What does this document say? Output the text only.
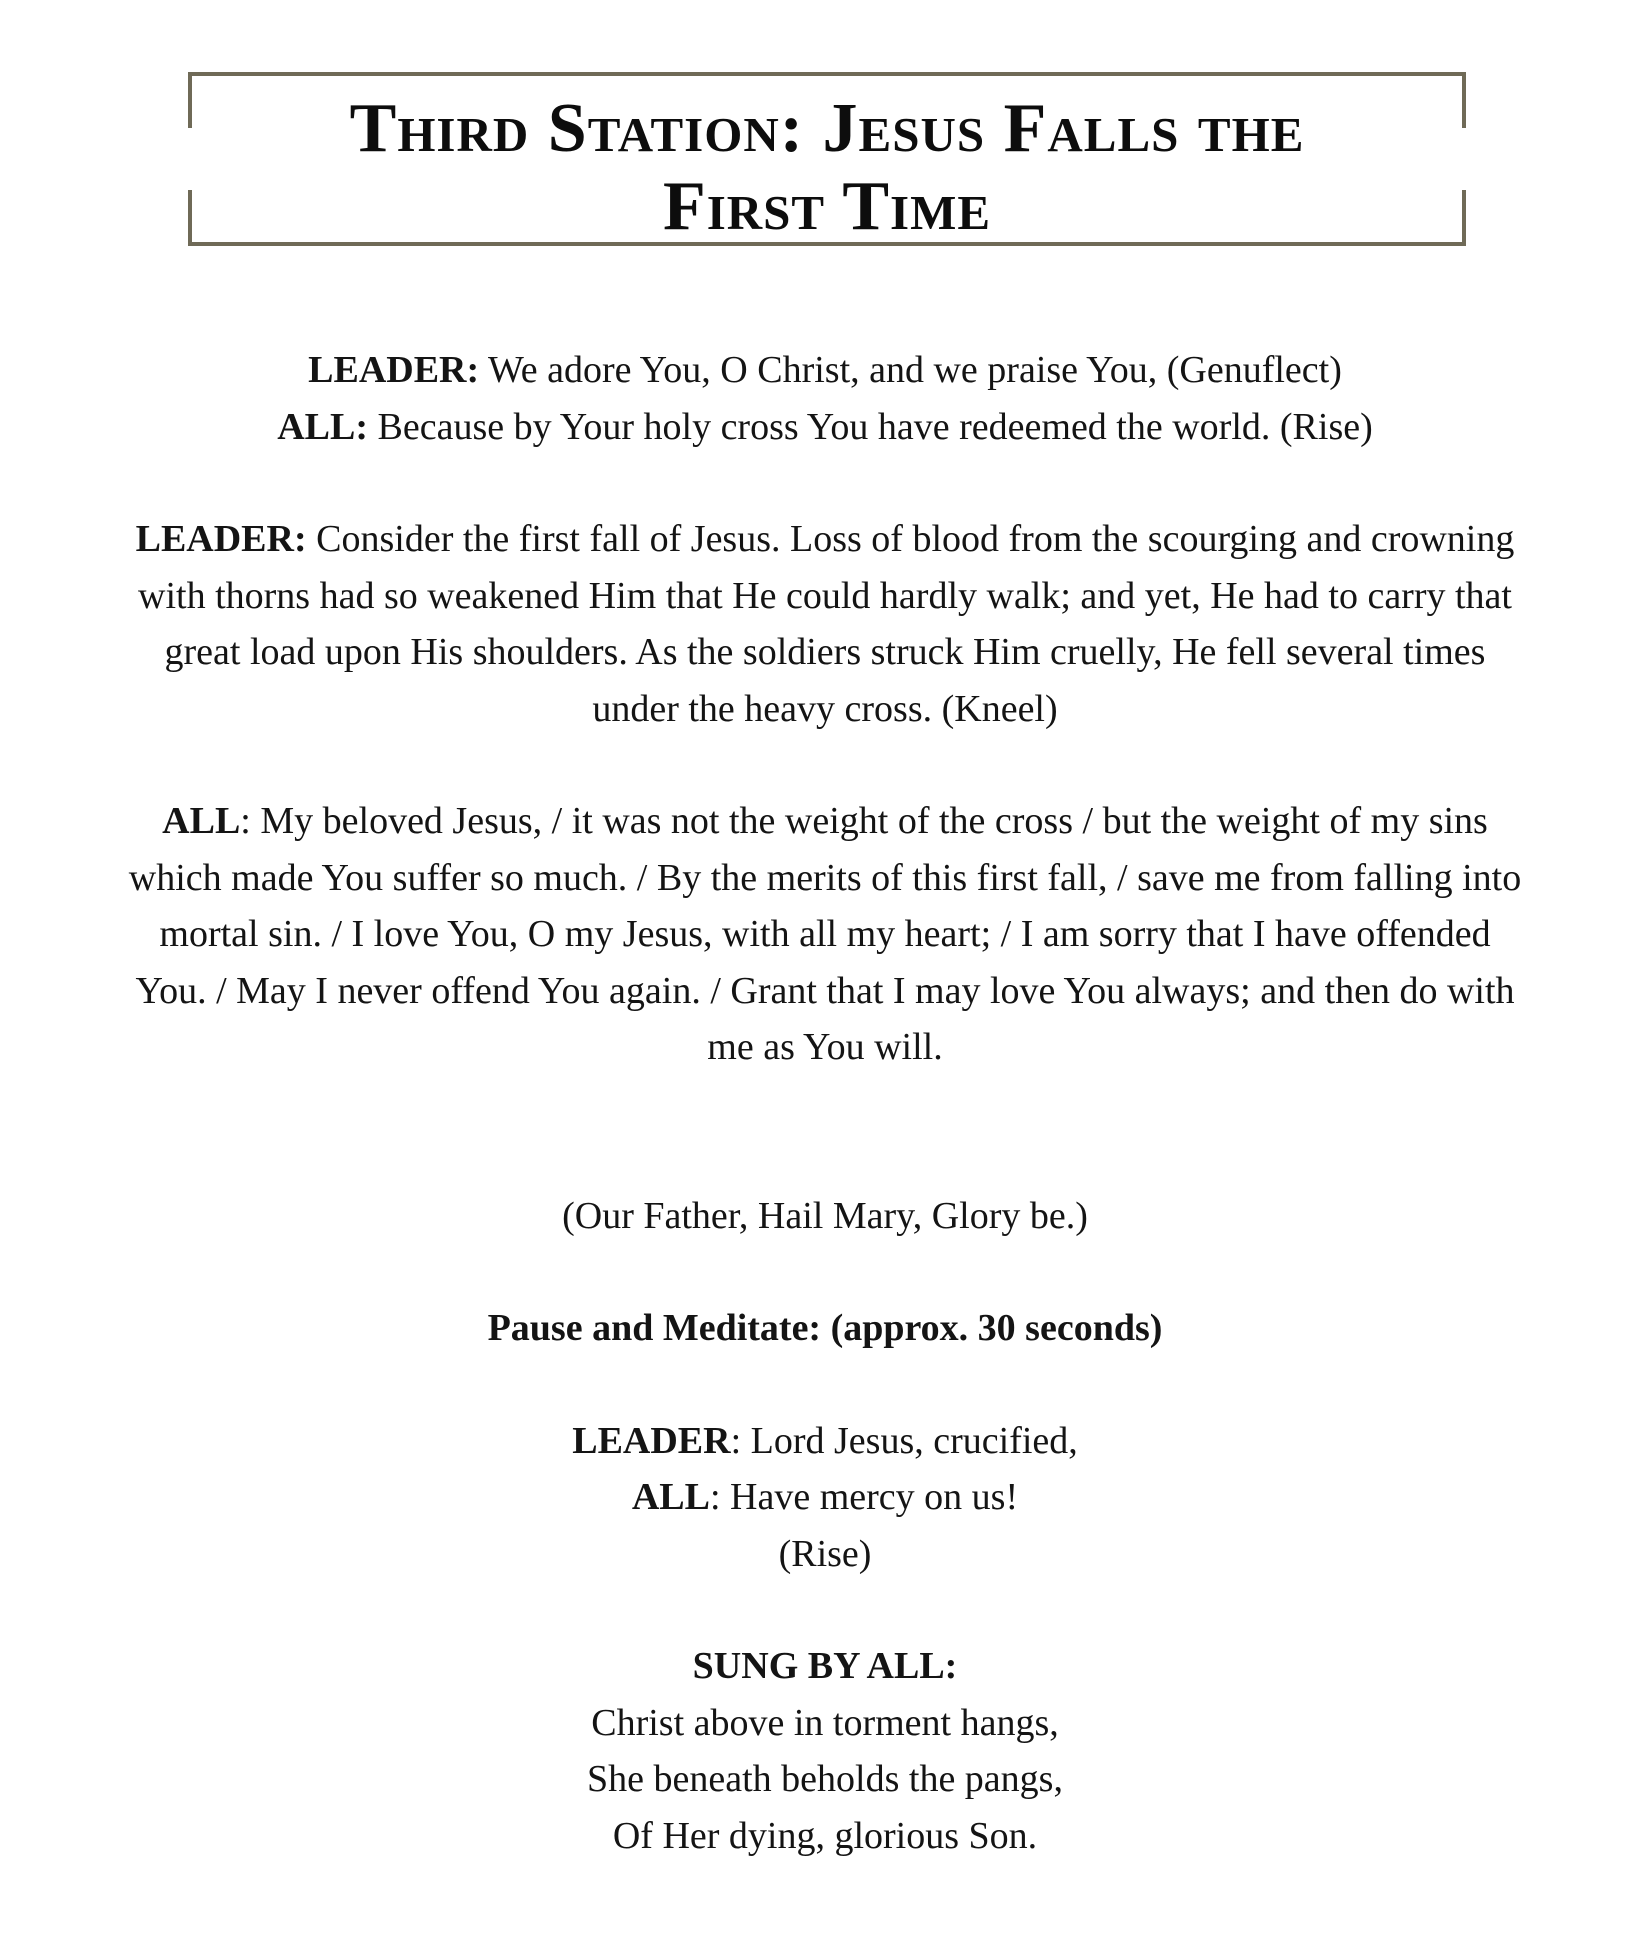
Third Station: Jesus Falls the
First Time

LEADER: We adore You, O Christ, and we praise You, (Genuflect)

ALL: Because by Your holy cross You have redeemed the world. (Rise)

LEADER: Consider the first fall of Jesus. Loss of blood from the scourging and crowning with thorns had so weakened Him that He could hardly walk; and yet, He had to carry that great load upon His shoulders. As the soldiers struck Him cruelly, He fell several times under the heavy cross. (Kneel)

ALL: My beloved Jesus, / it was not the weight of the cross / but the weight of my sins which made You suffer so much. / By the merits of this first fall, / save me from falling into mortal sin. / I love You, O my Jesus, with all my heart; / I am sorry that I have offended You. / May I never offend You again. / Grant that I may love You always; and then do with me as You will.

(Our Father, Hail Mary, Glory be.)

Pause and Meditate: (approx. 30 seconds)

LEADER: Lord Jesus, crucified,

ALL: Have mercy on us!

(Rise)

SUNG BY ALL:

Christ above in torment hangs,

She beneath beholds the pangs,

Of Her dying, glorious Son.
